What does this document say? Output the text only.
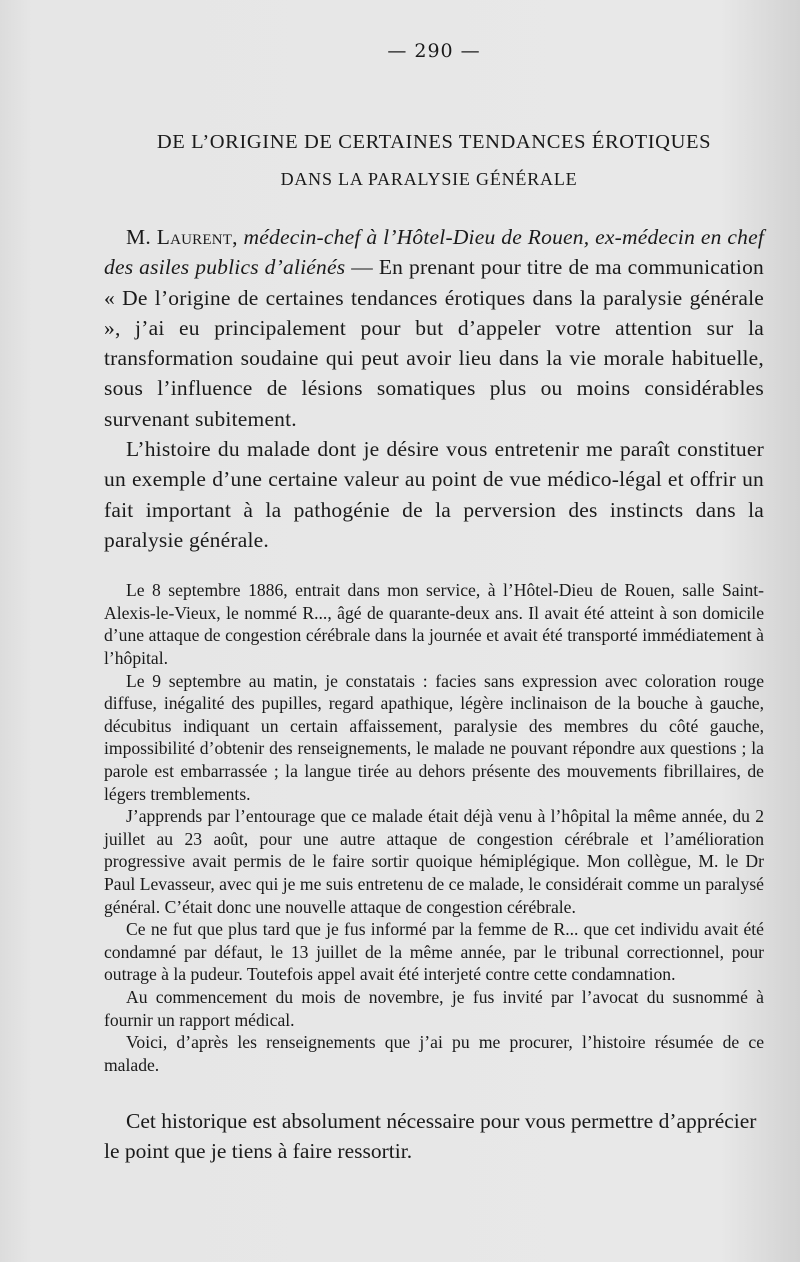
— 290 —
DE L’ORIGINE DE CERTAINES TENDANCES ÉROTIQUES
DANS LA PARALYSIE GÉNÉRALE

M. Laurent, médecin-chef à l’Hôtel-Dieu de Rouen, ex-médecin en chef des asiles publics d’aliénés — En prenant pour titre de ma communication « De l’origine de certaines tendances érotiques dans la paralysie générale », j’ai eu principalement pour but d’appeler votre attention sur la transformation soudaine qui peut avoir lieu dans la vie morale habituelle, sous l’influence de lésions somatiques plus ou moins considérables survenant subitement.

L’histoire du malade dont je désire vous entretenir me paraît constituer un exemple d’une certaine valeur au point de vue médico-légal et offrir un fait important à la pathogénie de la perversion des instincts dans la paralysie générale.

Le 8 septembre 1886, entrait dans mon service, à l’Hôtel-Dieu de Rouen, salle Saint-Alexis-le-Vieux, le nommé R..., âgé de quarante-deux ans. Il avait été atteint à son domicile d’une attaque de congestion cérébrale dans la journée et avait été transporté immédiatement à l’hôpital.

Le 9 septembre au matin, je constatais : facies sans expression avec coloration rouge diffuse, inégalité des pupilles, regard apathique, légère inclinaison de la bouche à gauche, décubitus indiquant un certain affaissement, paralysie des membres du côté gauche, impossibilité d’obtenir des renseignements, le malade ne pouvant répondre aux questions ; la parole est embarrassée ; la langue tirée au dehors présente des mouvements fibrillaires, de légers tremblements.

J’apprends par l’entourage que ce malade était déjà venu à l’hôpital la même année, du 2 juillet au 23 août, pour une autre attaque de congestion cérébrale et l’amélioration progressive avait permis de le faire sortir quoique hémiplégique. Mon collègue, M. le Dr Paul Levasseur, avec qui je me suis entretenu de ce malade, le considérait comme un paralysé général. C’était donc une nouvelle attaque de congestion cérébrale.

Ce ne fut que plus tard que je fus informé par la femme de R... que cet individu avait été condamné par défaut, le 13 juillet de la même année, par le tribunal correctionnel, pour outrage à la pudeur. Toutefois appel avait été interjeté contre cette condamnation.

Au commencement du mois de novembre, je fus invité par l’avocat du susnommé à fournir un rapport médical.

Voici, d’après les renseignements que j’ai pu me procurer, l’histoire résumée de ce malade.

Cet historique est absolument nécessaire pour vous permettre d’apprécier le point que je tiens à faire ressortir.
